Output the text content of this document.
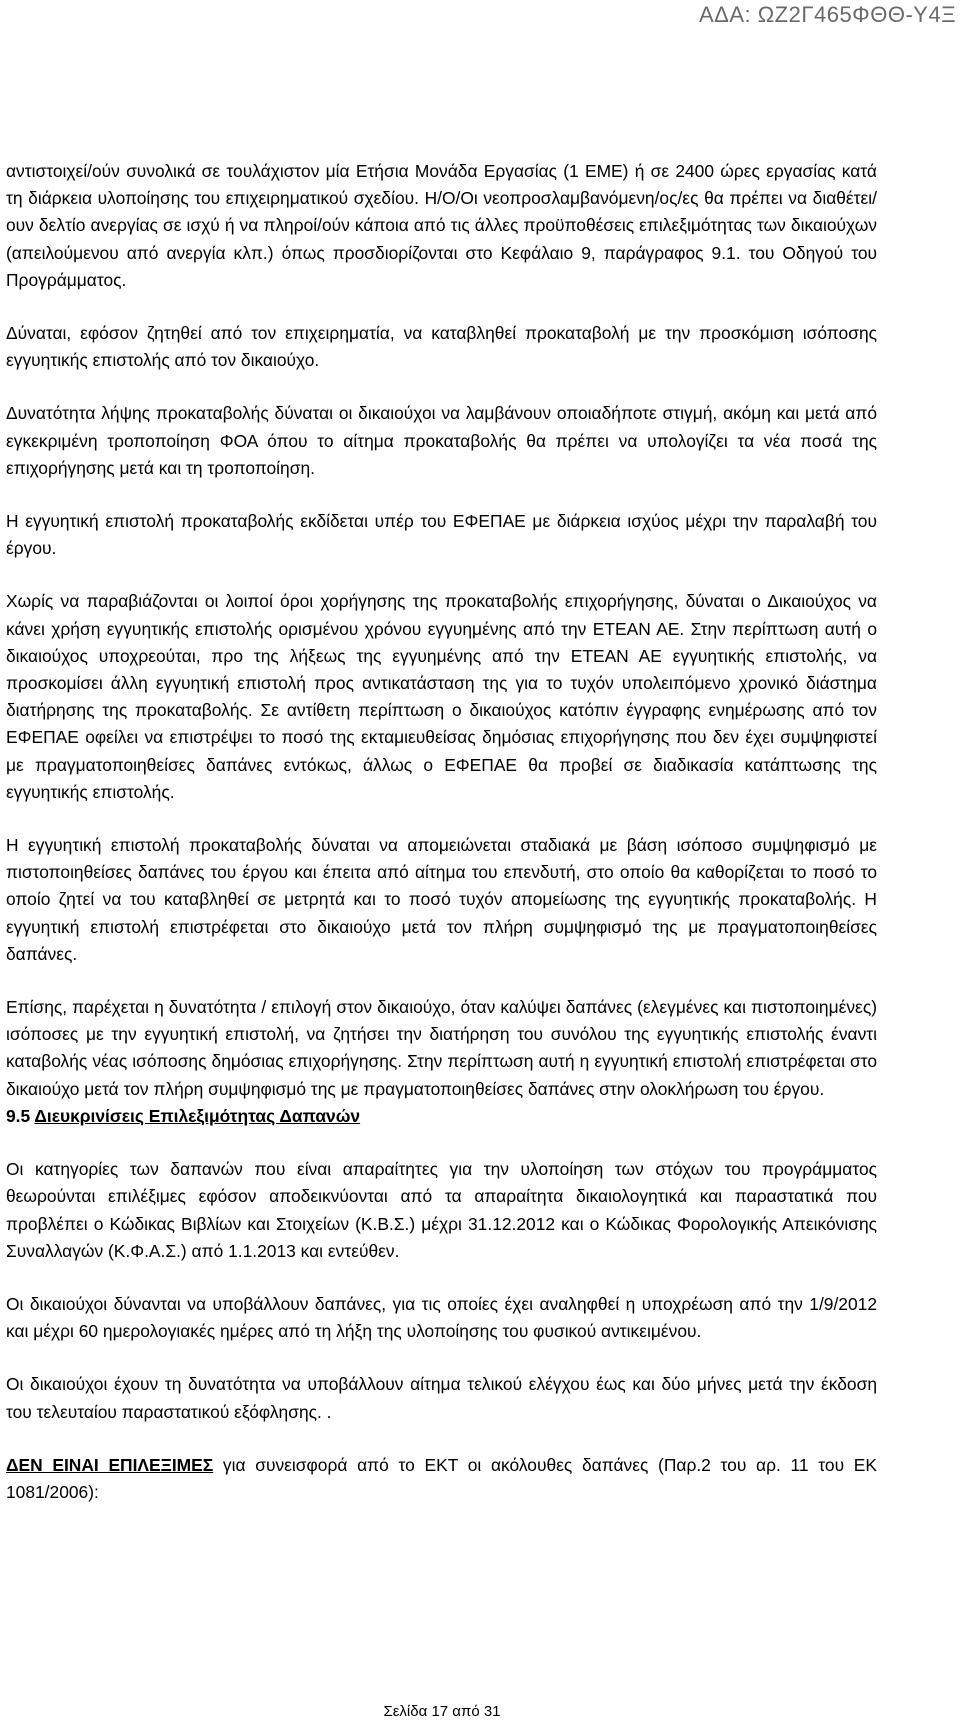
ΑΔΑ: ΩΖ2Γ465ΦΘΘ-Υ4Ξ

αντιστοιχεί/ούν συνολικά σε τουλάχιστον μία Ετήσια Μονάδα Εργασίας (1 ΕΜΕ) ή σε 2400 ώρες εργασίας κατά τη διάρκεια υλοποίησης του επιχειρηματικού σχεδίου. Η/Ο/Οι νεοπροσλαμβανόμενη/ος/ες θα πρέπει να διαθέτει/ουν δελτίο ανεργίας σε ισχύ ή να πληροί/ούν κάποια από τις άλλες προϋποθέσεις επιλεξιμότητας των δικαιούχων (απειλούμενου από ανεργία κλπ.) όπως προσδιορίζονται στο Κεφάλαιο 9, παράγραφος 9.1. του Οδηγού του Προγράμματος.

Δύναται, εφόσον ζητηθεί από τον επιχειρηματία, να καταβληθεί προκαταβολή με την προσκόμιση ισόποσης εγγυητικής επιστολής από τον δικαιούχο.

Δυνατότητα λήψης προκαταβολής δύναται οι δικαιούχοι να λαμβάνουν οποιαδήποτε στιγμή, ακόμη και μετά από εγκεκριμένη τροποποίηση ΦΟΑ όπου το αίτημα προκαταβολής θα πρέπει να υπολογίζει τα νέα ποσά της επιχορήγησης μετά και τη τροποποίηση.

Η εγγυητική επιστολή προκαταβολής εκδίδεται υπέρ του ΕΦΕΠΑΕ με διάρκεια ισχύος μέχρι την παραλαβή του έργου.

Χωρίς να παραβιάζονται οι λοιποί όροι χορήγησης της προκαταβολής επιχορήγησης, δύναται ο Δικαιούχος να κάνει χρήση εγγυητικής επιστολής ορισμένου χρόνου εγγυημένης από την ΕΤΕΑΝ ΑΕ. Στην περίπτωση αυτή ο δικαιούχος υποχρεούται, προ της λήξεως της εγγυημένης από την ΕΤΕΑΝ ΑΕ εγγυητικής επιστολής, να προσκομίσει άλλη εγγυητική επιστολή προς αντικατάσταση της για το τυχόν υπολειπόμενο χρονικό διάστημα διατήρησης της προκαταβολής. Σε αντίθετη περίπτωση ο δικαιούχος κατόπιν έγγραφης ενημέρωσης από τον ΕΦΕΠΑΕ οφείλει να επιστρέψει το ποσό της εκταμιευθείσας δημόσιας επιχορήγησης που δεν έχει συμψηφιστεί με πραγματοποιηθείσες δαπάνες εντόκως, άλλως ο ΕΦΕΠΑΕ θα προβεί σε διαδικασία κατάπτωσης της εγγυητικής επιστολής.

Η εγγυητική επιστολή προκαταβολής δύναται να απομειώνεται σταδιακά με βάση ισόποσο συμψηφισμό με πιστοποιηθείσες δαπάνες του έργου και έπειτα από αίτημα του επενδυτή, στο οποίο θα καθορίζεται το ποσό το οποίο ζητεί να του καταβληθεί σε μετρητά και το ποσό τυχόν απομείωσης της εγγυητικής προκαταβολής. Η εγγυητική επιστολή επιστρέφεται στο δικαιούχο μετά τον πλήρη συμψηφισμό της με πραγματοποιηθείσες δαπάνες.

Επίσης, παρέχεται η δυνατότητα / επιλογή στον δικαιούχο, όταν καλύψει δαπάνες (ελεγμένες και πιστοποιημένες) ισόποσες με την εγγυητική επιστολή, να ζητήσει την διατήρηση του συνόλου της εγγυητικής επιστολής έναντι καταβολής νέας ισόποσης δημόσιας επιχορήγησης. Στην περίπτωση αυτή η εγγυητική επιστολή επιστρέφεται στο δικαιούχο μετά τον πλήρη συμψηφισμό της με πραγματοποιηθείσες δαπάνες στην ολοκλήρωση του έργου.

9.5 Διευκρινίσεις Επιλεξιμότητας Δαπανών

Οι κατηγορίες των δαπανών που είναι απαραίτητες για την υλοποίηση των στόχων του προγράμματος θεωρούνται επιλέξιμες εφόσον αποδεικνύονται από τα απαραίτητα δικαιολογητικά και παραστατικά που προβλέπει ο Κώδικας Βιβλίων και Στοιχείων (Κ.Β.Σ.) μέχρι 31.12.2012 και ο Κώδικας Φορολογικής Απεικόνισης Συναλλαγών (Κ.Φ.Α.Σ.) από 1.1.2013 και εντεύθεν.

Οι δικαιούχοι δύνανται να υποβάλλουν δαπάνες, για τις οποίες έχει αναληφθεί η υποχρέωση από την 1/9/2012 και μέχρι 60 ημερολογιακές ημέρες από τη λήξη της υλοποίησης του φυσικού αντικειμένου.

Οι δικαιούχοι έχουν τη δυνατότητα να υποβάλλουν αίτημα τελικού ελέγχου έως και δύο μήνες μετά την έκδοση του τελευταίου παραστατικού εξόφλησης. .

ΔΕΝ ΕΙΝΑΙ ΕΠΙΛΕΞΙΜΕΣ για συνεισφορά από το ΕΚΤ οι ακόλουθες δαπάνες (Παρ.2 του αρ. 11 του ΕΚ 1081/2006):

Σελίδα 17 από 31
